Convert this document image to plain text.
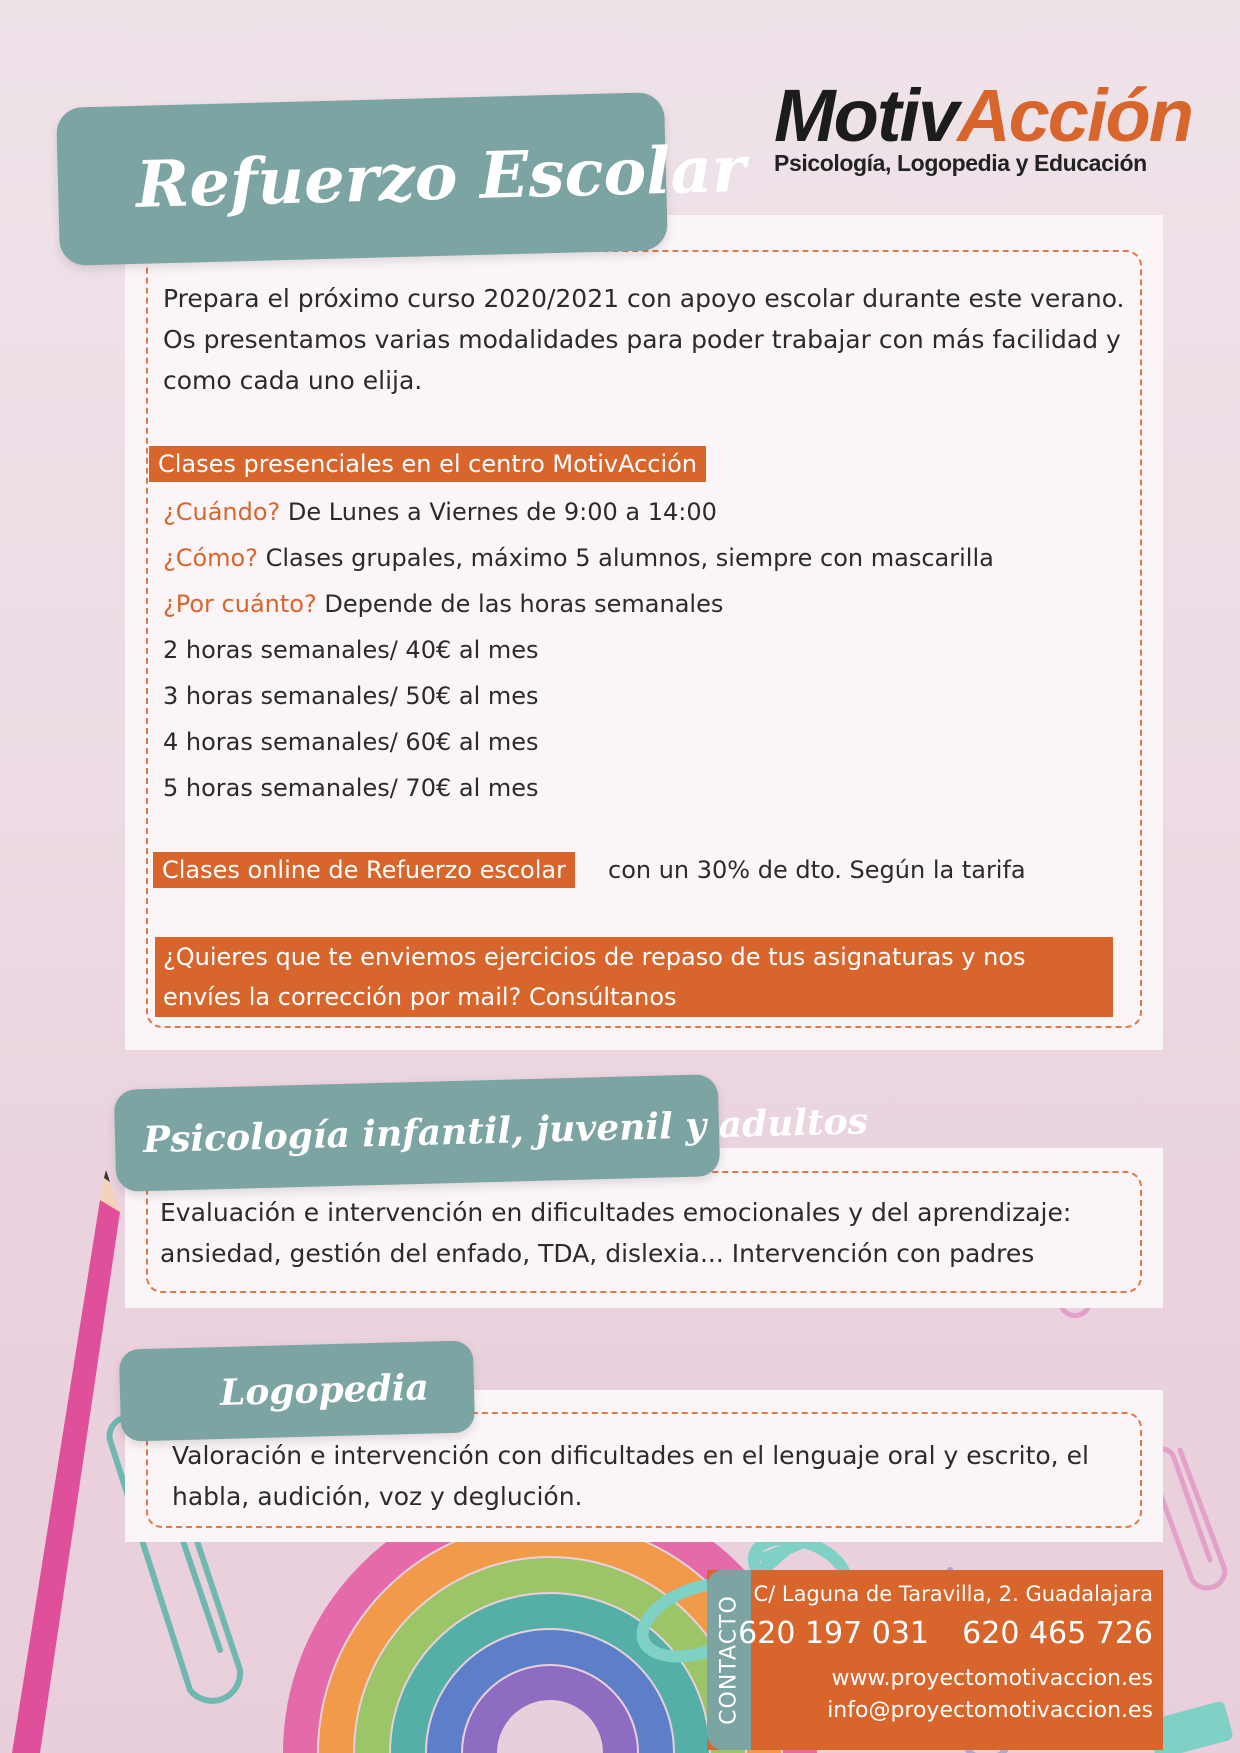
MotivAcción
Psicología, Logopedia y Educación
Refuerzo Escolar
Prepara el próximo curso 2020/2021 con apoyo escolar durante este verano. Os presentamos varias modalidades para poder trabajar con más facilidad y como cada uno elija.
Clases presenciales en el centro MotivAcción
¿Cuándo? De Lunes a Viernes de 9:00 a 14:00
¿Cómo? Clases grupales, máximo 5 alumnos, siempre con mascarilla
¿Por cuánto? Depende de las horas semanales
2 horas semanales/ 40€ al mes
3 horas semanales/ 50€ al mes
4 horas semanales/ 60€ al mes
5 horas semanales/ 70€ al mes
Clases online de Refuerzo escolar	con un 30% de dto. Según la tarifa
¿Quieres que te enviemos ejercicios de repaso de tus asignaturas y nos envíes la corrección por mail? Consúltanos
Psicología infantil, juvenil y adultos
Evaluación e intervención en dificultades emocionales y del aprendizaje: ansiedad, gestión del enfado, TDA, dislexia... Intervención con padres
Logopedia
Valoración e intervención con dificultades en el lenguaje oral y escrito, el habla, audición, voz y deglución.
CONTACTO
C/ Laguna de Taravilla, 2. Guadalajara
620 197 031 620 465 726
www.proyectomotivaccion.es
info@proyectomotivaccion.es
